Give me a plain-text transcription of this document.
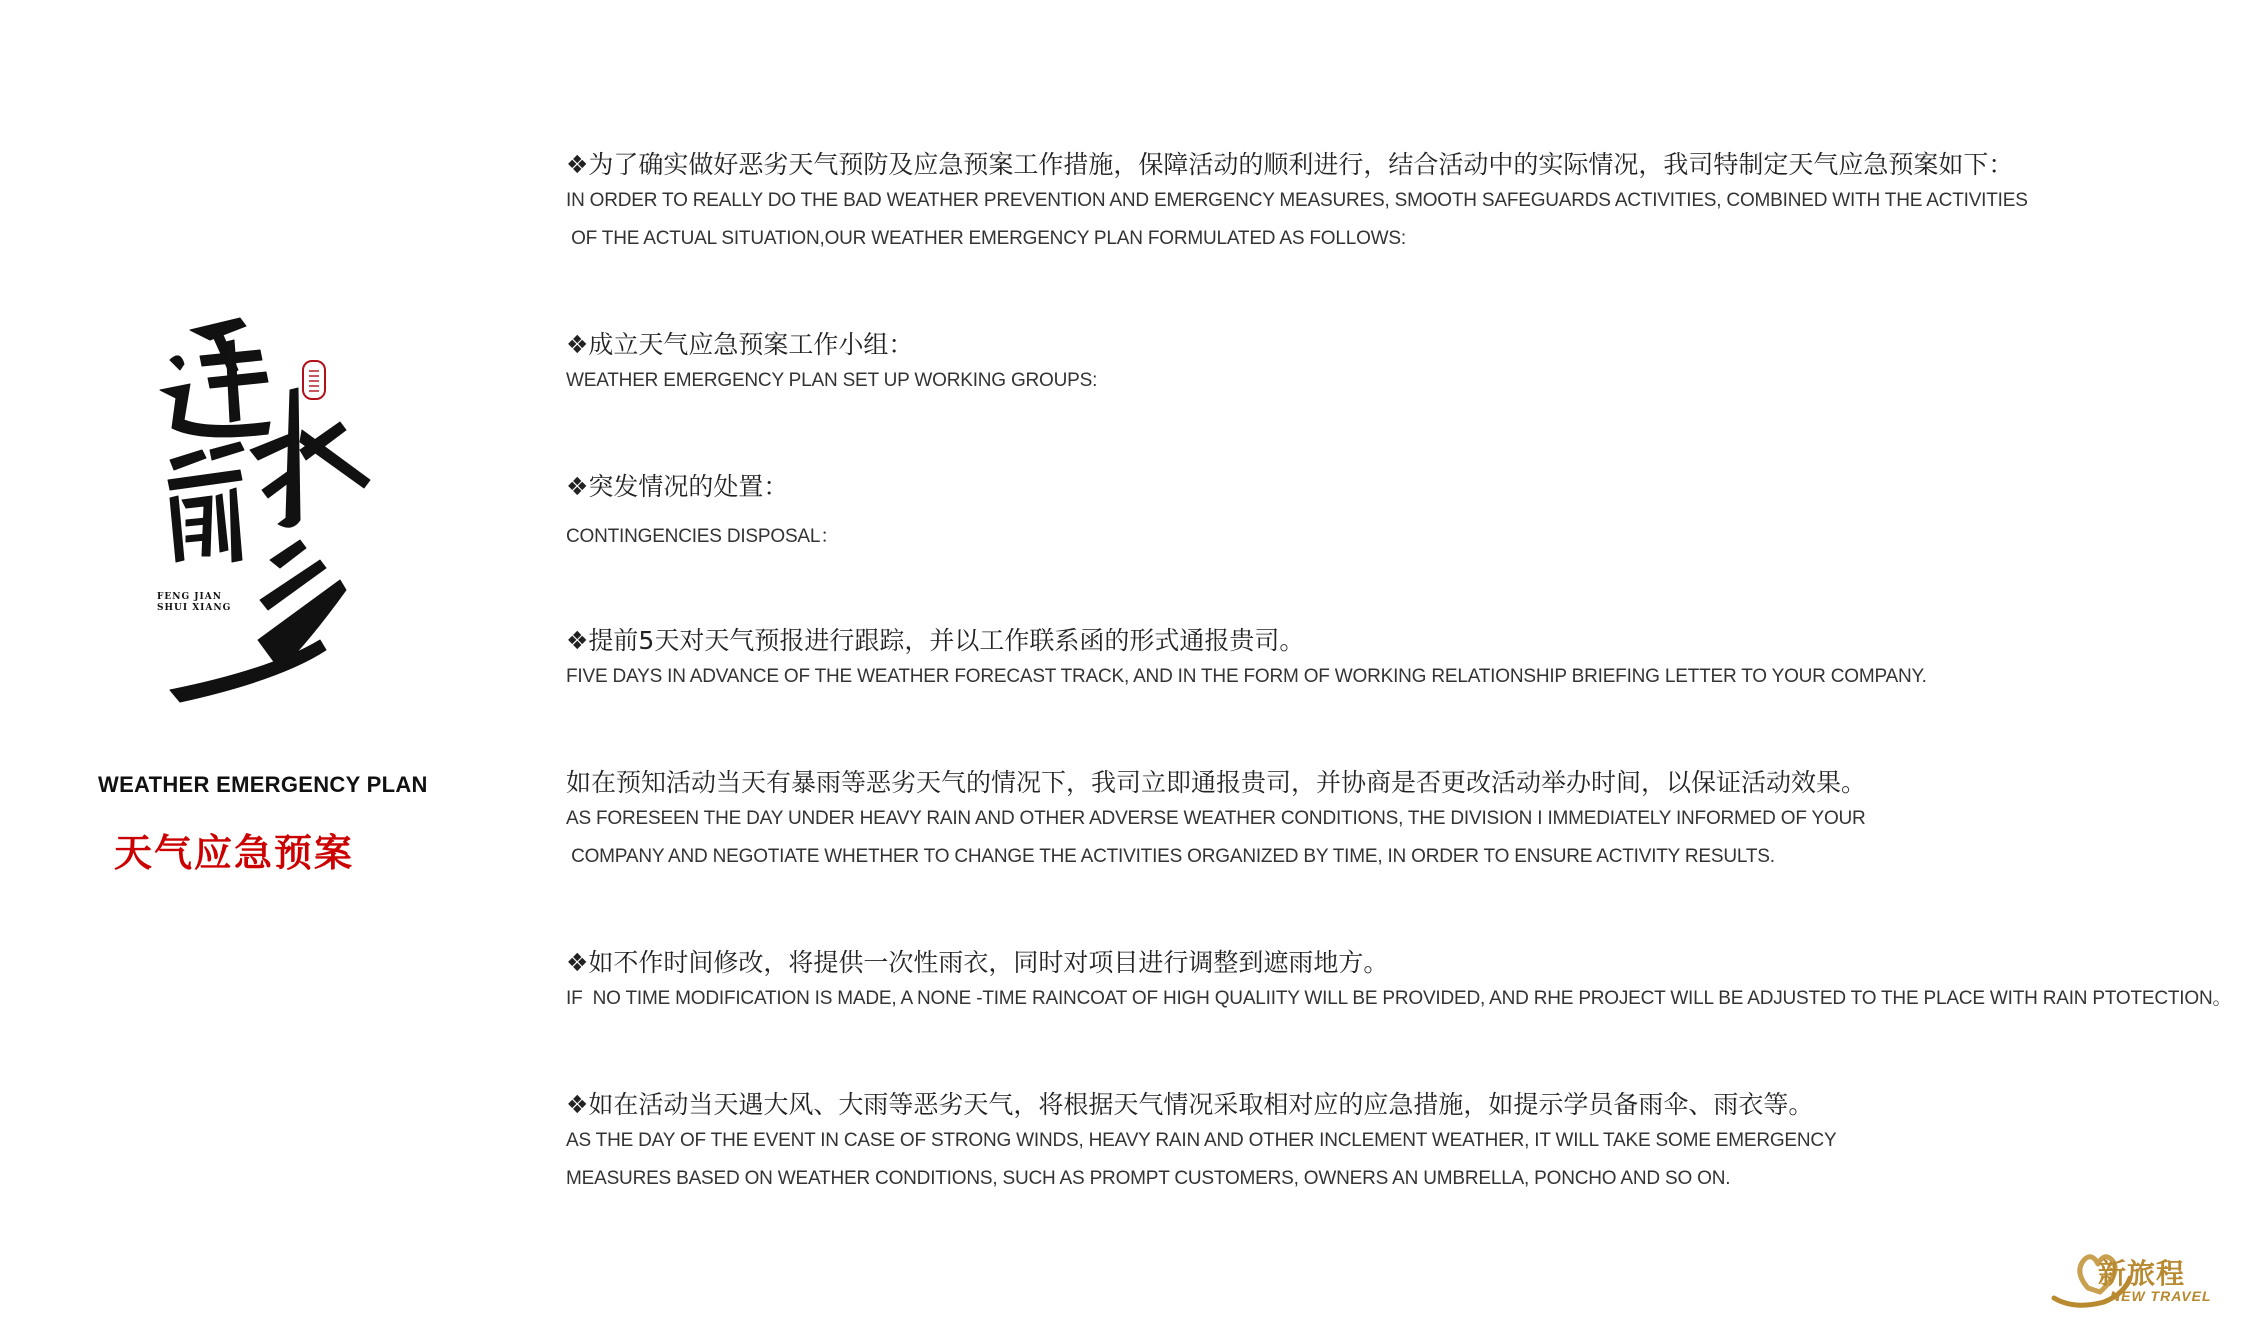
FENG JIAN
SHUI XIANG
WEATHER EMERGENCY PLAN
天气应急预案
❖为了确实做好恶劣天气预防及应急预案工作措施，保障活动的顺利进行，结合活动中的实际情况，我司特制定天气应急预案如下：
IN ORDER TO REALLY DO THE BAD WEATHER PREVENTION AND EMERGENCY MEASURES, SMOOTH SAFEGUARDS ACTIVITIES, COMBINED WITH THE ACTIVITIES
OF THE ACTUAL SITUATION,OUR WEATHER EMERGENCY PLAN FORMULATED AS FOLLOWS:
❖成立天气应急预案工作小组：
WEATHER EMERGENCY PLAN SET UP WORKING GROUPS:
❖突发情况的处置：
CONTINGENCIES DISPOSAL：
❖提前5天对天气预报进行跟踪，并以工作联系函的形式通报贵司。
FIVE DAYS IN ADVANCE OF THE WEATHER FORECAST TRACK, AND IN THE FORM OF WORKING RELATIONSHIP BRIEFING LETTER TO YOUR COMPANY.
如在预知活动当天有暴雨等恶劣天气的情况下，我司立即通报贵司，并协商是否更改活动举办时间，以保证活动效果。
AS FORESEEN THE DAY UNDER HEAVY RAIN AND OTHER ADVERSE WEATHER CONDITIONS, THE DIVISION I IMMEDIATELY INFORMED OF YOUR
COMPANY AND NEGOTIATE WHETHER TO CHANGE THE ACTIVITIES ORGANIZED BY TIME, IN ORDER TO ENSURE ACTIVITY RESULTS.
❖如不作时间修改，将提供一次性雨衣，同时对项目进行调整到遮雨地方。
IF  NO TIME MODIFICATION IS MADE, A NONE -TIME RAINCOAT OF HIGH QUALIITY WILL BE PROVIDED, AND RHE PROJECT WILL BE ADJUSTED TO THE PLACE WITH RAIN PTOTECTION。
❖如在活动当天遇大风、大雨等恶劣天气，将根据天气情况采取相对应的应急措施，如提示学员备雨伞、雨衣等。
AS THE DAY OF THE EVENT IN CASE OF STRONG WINDS, HEAVY RAIN AND OTHER INCLEMENT WEATHER, IT WILL TAKE SOME EMERGENCY
MEASURES BASED ON WEATHER CONDITIONS, SUCH AS PROMPT CUSTOMERS, OWNERS AN UMBRELLA, PONCHO AND SO ON.
新旅程
NEW TRAVEL
